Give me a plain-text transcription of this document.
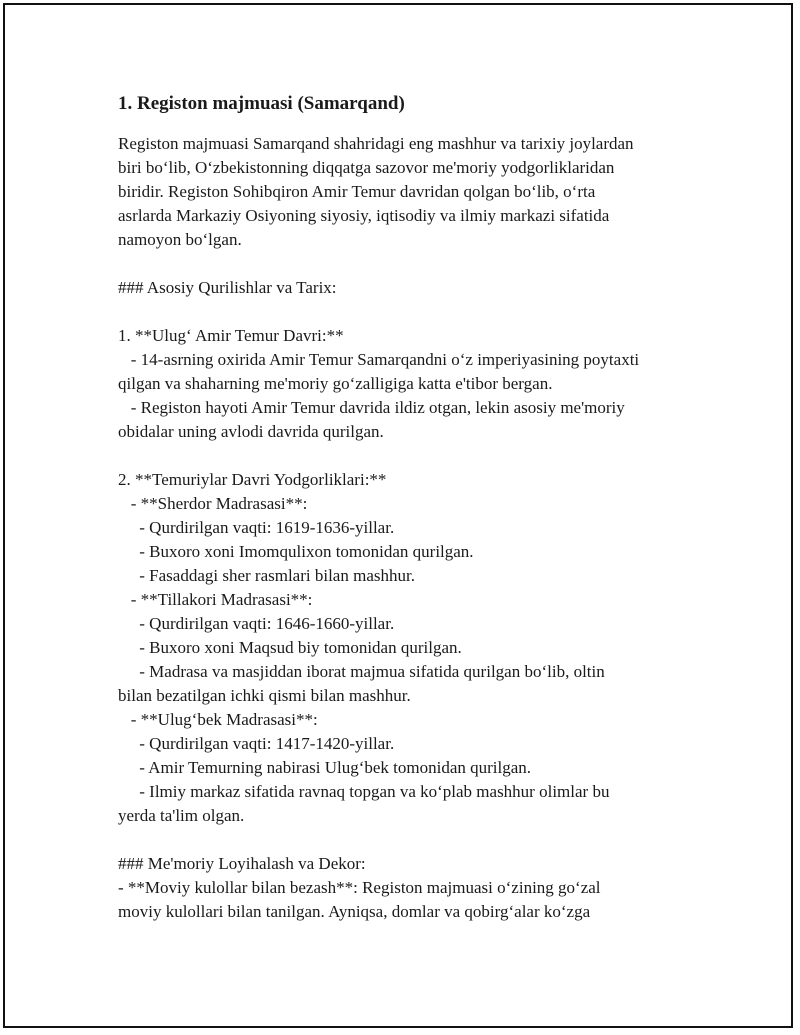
1. Registon majmuasi (Samarqand)

Registon majmuasi Samarqand shahridagi eng mashhur va tarixiy joylardan
biri bo‘lib, O‘zbekistonning diqqatga sazovor me'moriy yodgorliklaridan
biridir. Registon Sohibqiron Amir Temur davridan qolgan bo‘lib, o‘rta
asrlarda Markaziy Osiyoning siyosiy, iqtisodiy va ilmiy markazi sifatida
namoyon bo‘lgan.

### Asosiy Qurilishlar va Tarix:

1. **Ulug‘ Amir Temur Davri:**
- 14-asrning oxirida Amir Temur Samarqandni o‘z imperiyasining poytaxti
qilgan va shaharning me'moriy go‘zalligiga katta e'tibor bergan.
- Registon hayoti Amir Temur davrida ildiz otgan, lekin asosiy me'moriy
obidalar uning avlodi davrida qurilgan.

2. **Temuriylar Davri Yodgorliklari:**
- **Sherdor Madrasasi**:
- Qurdirilgan vaqti: 1619-1636-yillar.
- Buxoro xoni Imomqulixon tomonidan qurilgan.
- Fasaddagi sher rasmlari bilan mashhur.
- **Tillakori Madrasasi**:
- Qurdirilgan vaqti: 1646-1660-yillar.
- Buxoro xoni Maqsud biy tomonidan qurilgan.
- Madrasa va masjiddan iborat majmua sifatida qurilgan bo‘lib, oltin
bilan bezatilgan ichki qismi bilan mashhur.
- **Ulug‘bek Madrasasi**:
- Qurdirilgan vaqti: 1417-1420-yillar.
- Amir Temurning nabirasi Ulug‘bek tomonidan qurilgan.
- Ilmiy markaz sifatida ravnaq topgan va ko‘plab mashhur olimlar bu
yerda ta'lim olgan.

### Me'moriy Loyihalash va Dekor:
- **Moviy kulollar bilan bezash**: Registon majmuasi o‘zining go‘zal
moviy kulollari bilan tanilgan. Ayniqsa, domlar va qobirg‘alar ko‘zga
